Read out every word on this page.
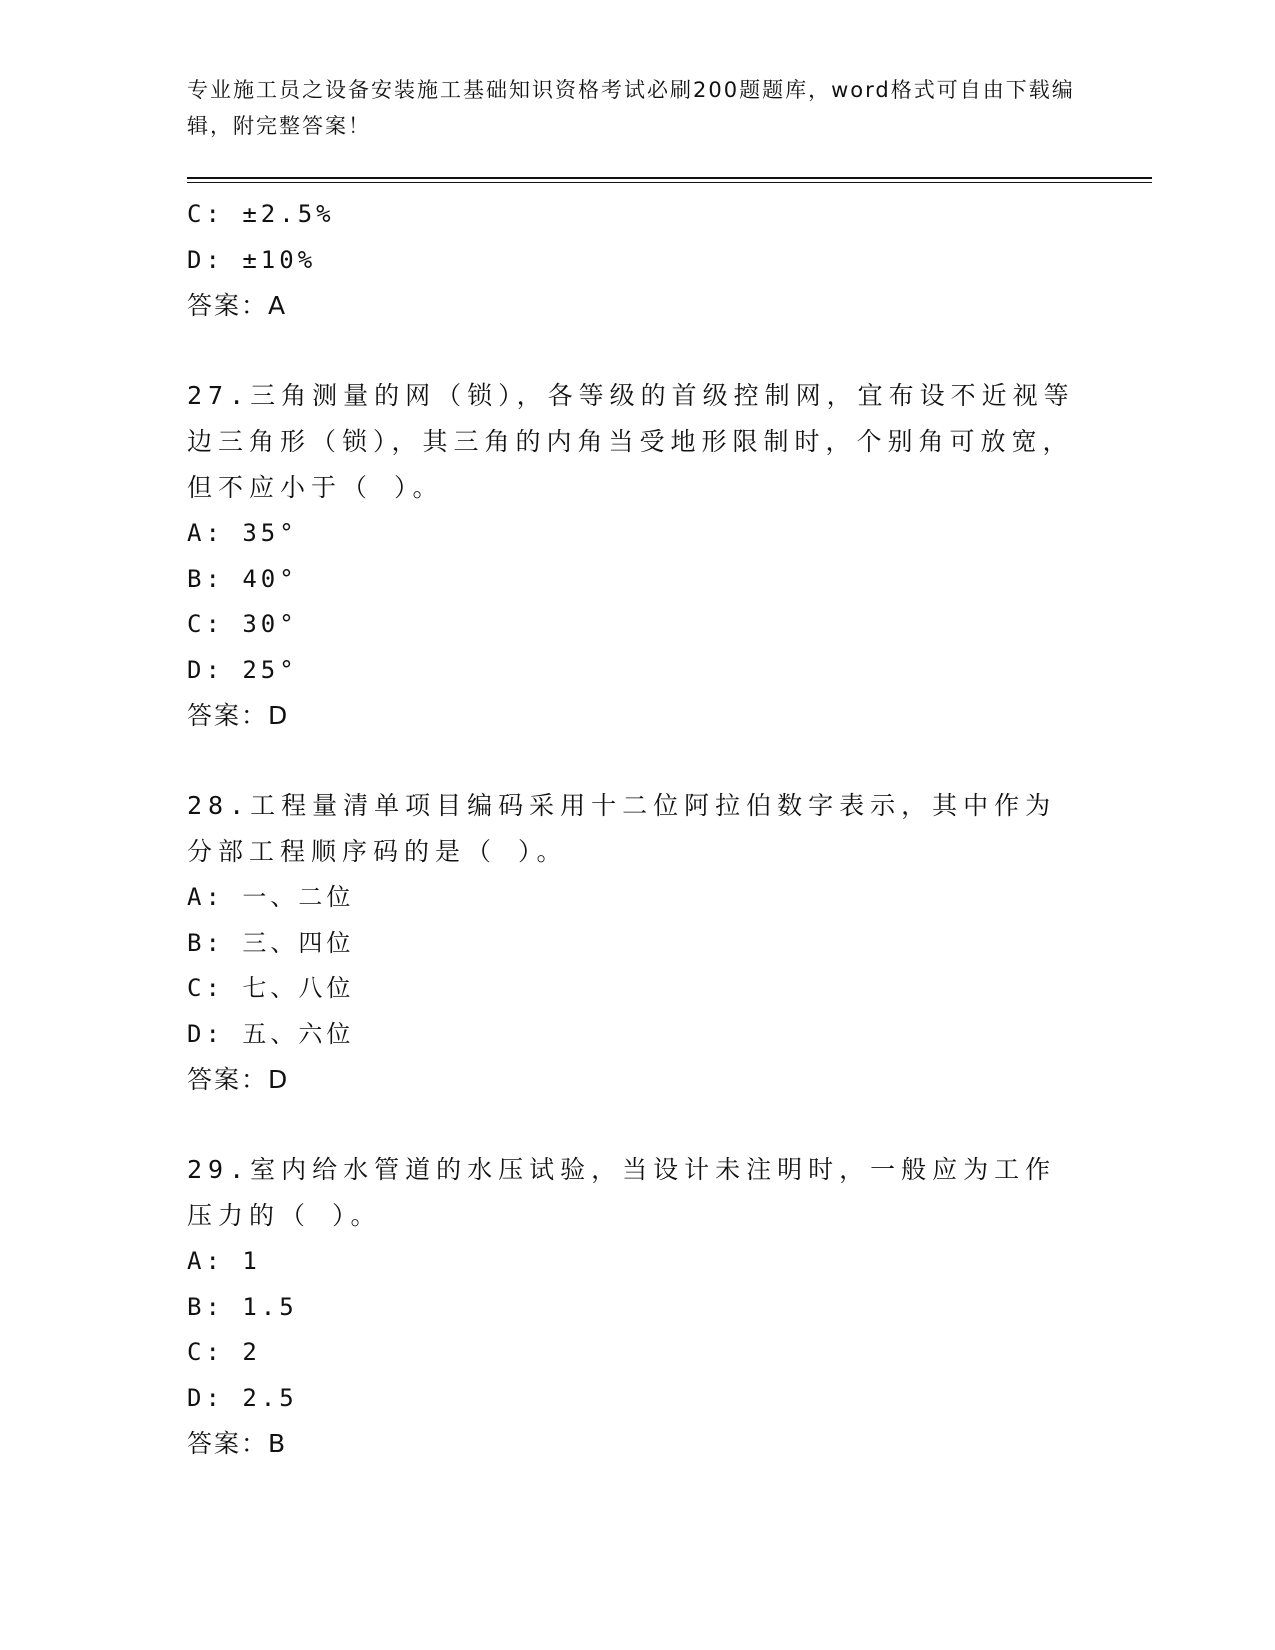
专业施工员之设备安装施工基础知识资格考试必刷200题题库，word格式可自由下载编辑，附完整答案！
C: ±2.5%
D: ±10%
答案：A
27.三角测量的网（锁），各等级的首级控制网，宜布设不近视等边三角形（锁），其三角的内角当受地形限制时，个别角可放宽，但不应小于（ ）。
A: 35°
B: 40°
C: 30°
D: 25°
答案：D
28.工程量清单项目编码采用十二位阿拉伯数字表示，其中作为分部工程顺序码的是（ ）。
A: 一、二位
B: 三、四位
C: 七、八位
D: 五、六位
答案：D
29.室内给水管道的水压试验，当设计未注明时，一般应为工作压力的（ ）。
A: 1
B: 1.5
C: 2
D: 2.5
答案：B
